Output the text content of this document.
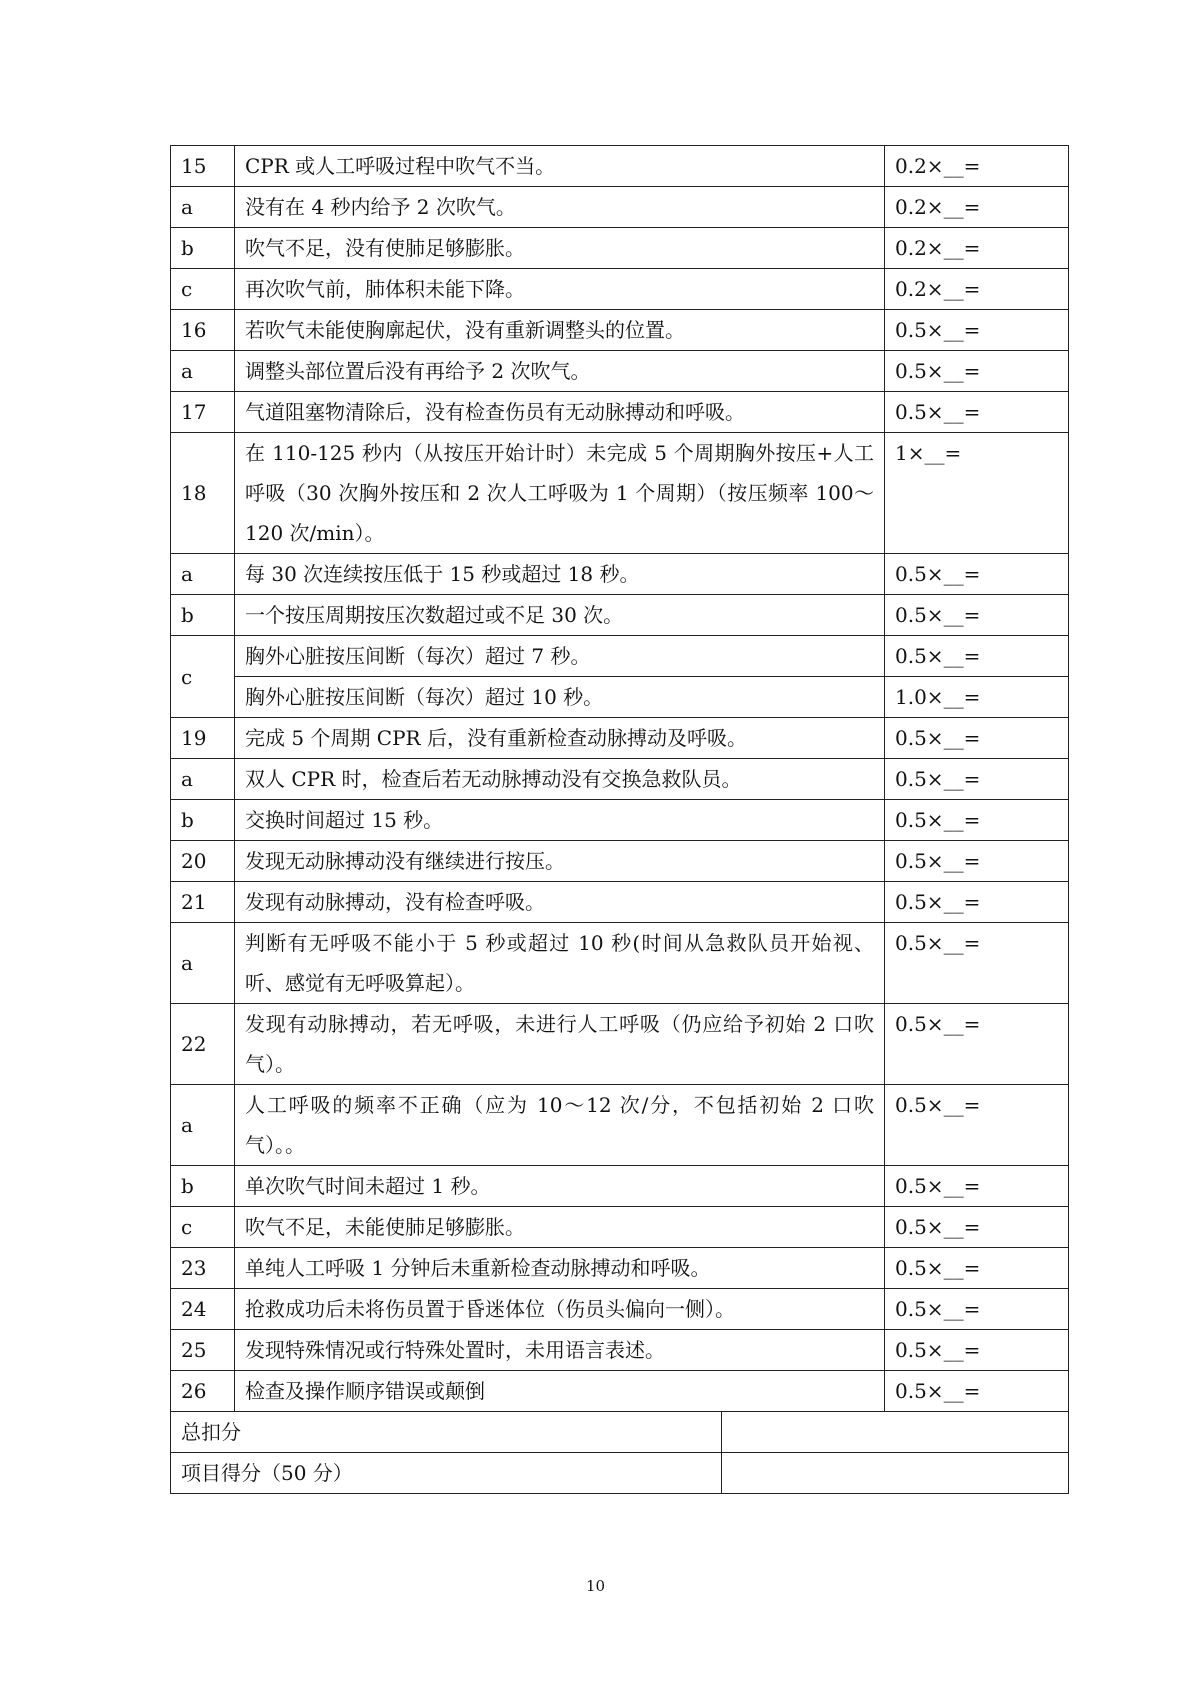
15	CPR 或人工呼吸过程中吹气不当。	0.2×__=
a	没有在 4 秒内给予 2 次吹气。	0.2×__=
b	吹气不足，没有使肺足够膨胀。	0.2×__=
c	再次吹气前，肺体积未能下降。	0.2×__=
16	若吹气未能使胸廓起伏，没有重新调整头的位置。	0.5×__=
a	调整头部位置后没有再给予 2 次吹气。	0.5×__=
17	气道阻塞物清除后，没有检查伤员有无动脉搏动和呼吸。	0.5×__=
18	在 110-125 秒内（从按压开始计时）未完成 5 个周期胸外按压+人工呼吸（30 次胸外按压和 2 次人工呼吸为 1 个周期）（按压频率 100～120 次/min）。	1×__=
a	每 30 次连续按压低于 15 秒或超过 18 秒。	0.5×__=
b	一个按压周期按压次数超过或不足 30 次。	0.5×__=
c	胸外心脏按压间断（每次）超过 7 秒。	0.5×__=
	胸外心脏按压间断（每次）超过 10 秒。	1.0×__=
19	完成 5 个周期 CPR 后，没有重新检查动脉搏动及呼吸。	0.5×__=
a	双人 CPR 时，检查后若无动脉搏动没有交换急救队员。	0.5×__=
b	交换时间超过 15 秒。	0.5×__=
20	发现无动脉搏动没有继续进行按压。	0.5×__=
21	发现有动脉搏动，没有检查呼吸。	0.5×__=
a	判断有无呼吸不能小于 5 秒或超过 10 秒(时间从急救队员开始视、听、感觉有无呼吸算起）。	0.5×__=
22	发现有动脉搏动，若无呼吸，未进行人工呼吸（仍应给予初始 2 口吹气）。	0.5×__=
a	人工呼吸的频率不正确（应为 10～12 次/分，不包括初始 2 口吹气）。。	0.5×__=
b	单次吹气时间未超过 1 秒。	0.5×__=
c	吹气不足，未能使肺足够膨胀。	0.5×__=
23	单纯人工呼吸 1 分钟后未重新检查动脉搏动和呼吸。	0.5×__=
24	抢救成功后未将伤员置于昏迷体位（伤员头偏向一侧）。	0.5×__=
25	发现特殊情况或行特殊处置时，未用语言表述。	0.5×__=
26	检查及操作顺序错误或颠倒	0.5×__=
总扣分	
项目得分（50 分）	
10
